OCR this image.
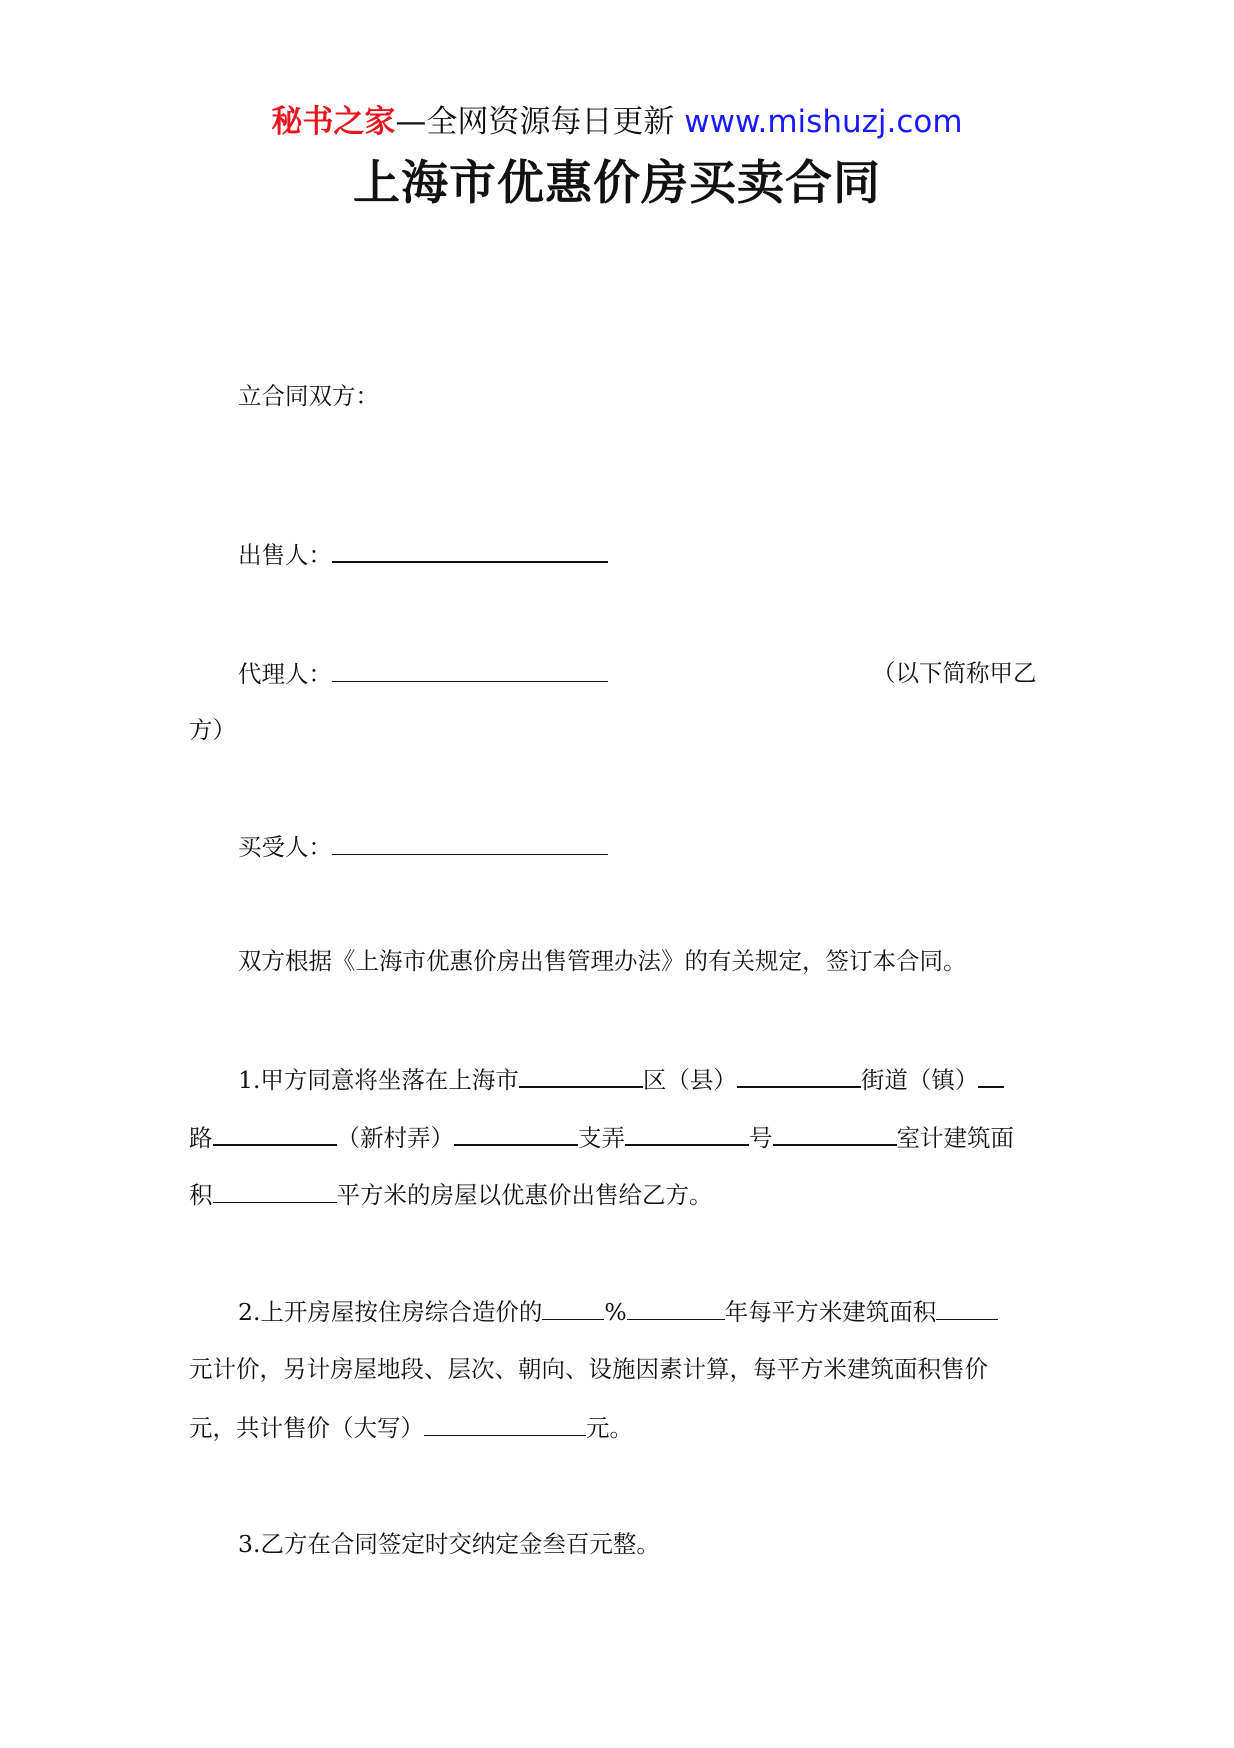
秘书之家—全网资源每日更新 www.mishuzj.com
上海市优惠价房买卖合同
立合同双方：
出售人：
代理人：	（以下简称甲乙
方）
买受人：
双方根据《上海市优惠价房出售管理办法》的有关规定，签订本合同。
1.甲方同意将坐落在上海市	区（县）	街道（镇）
路	（新村弄）	支弄	号	室计建筑面
积	平方米的房屋以优惠价出售给乙方。
2.上开房屋按住房综合造价的	%	年每平方米建筑面积
元计价，另计房屋地段、层次、朝向、设施因素计算，每平方米建筑面积售价
元，共计售价（大写）	元。
3.乙方在合同签定时交纳定金叁百元整。
